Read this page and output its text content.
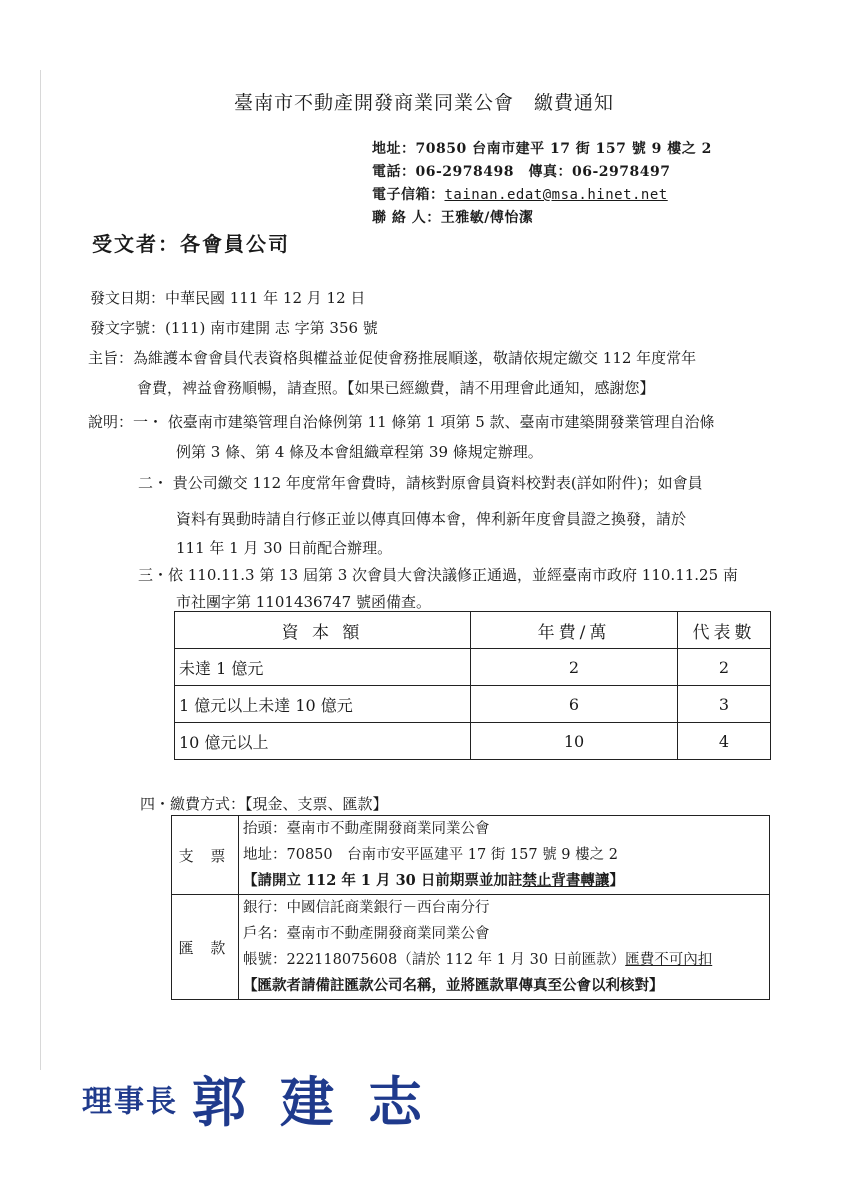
臺南市不動產開發商業同業公會　繳費通知
地址：70850 台南市建平 17 街 157 號 9 樓之 2
電話：06-2978498　傳真：06-2978497
電子信箱：tainan.edat@msa.hinet.net
聯 絡 人：王雅敏/傅怡潔
受文者：各會員公司
發文日期：中華民國 111 年 12 月 12 日
發文字號：(111) 南市建開 志 字第 356 號
主旨：為維護本會會員代表資格與權益並促使會務推展順遂，敬請依規定繳交 112 年度常年
會費，裨益會務順暢，請查照。【如果已經繳費，請不用理會此通知，感謝您】
說明：一・ 依臺南市建築管理自治條例第 11 條第 1 項第 5 款、臺南市建築開發業管理自治條
例第 3 條、第 4 條及本會組織章程第 39 條規定辦理。
二・ 貴公司繳交 112 年度常年會費時，請核對原會員資料校對表(詳如附件)；如會員
資料有異動時請自行修正並以傳真回傳本會，俾利新年度會員證之換發，請於
111 年 1 月 30 日前配合辦理。
三・依 110.11.3 第 13 屆第 3 次會員大會決議修正通過，並經臺南市政府 110.11.25 南
市社團字第 1101436747 號函備查。
資 本 額	年費/萬	代表數
未達 1 億元	2	2
1 億元以上未達 10 億元	6	3
10 億元以上	10	4
四・繳費方式：【現金、支票、匯款】
支 票	抬頭：臺南市不動產開發商業同業公會
地址：70850　台南市安平區建平 17 街 157 號 9 樓之 2
【請開立 112 年 1 月 30 日前期票並加註禁止背書轉讓】

匯 款	銀行：中國信託商業銀行－西台南分行
戶名：臺南市不動產開發商業同業公會
帳號：222118075608（請於 112 年 1 月 30 日前匯款）匯費不可內扣
【匯款者請備註匯款公司名稱，並將匯款單傳真至公會以利核對】
理事長 郭建志
